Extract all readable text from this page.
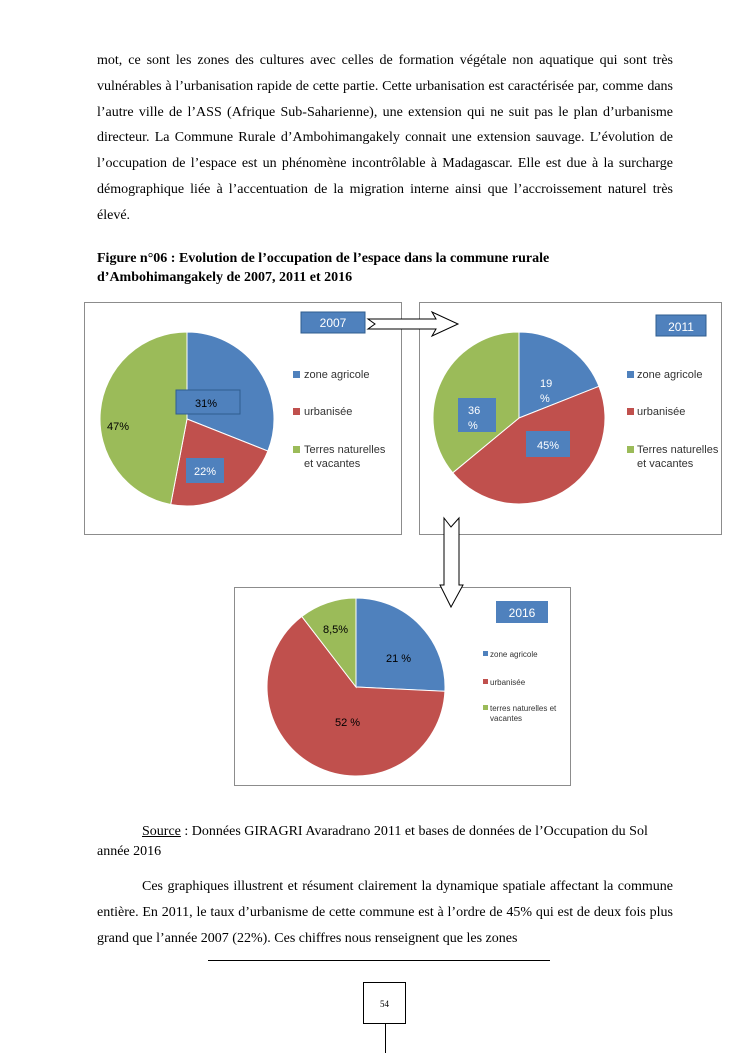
mot, ce sont les zones des cultures avec celles de formation végétale non aquatique qui sont très vulnérables à l’urbanisation rapide de cette partie. Cette urbanisation est caractérisée par, comme dans l’autre ville de l’ASS (Afrique Sub-Saharienne), une extension qui ne suit pas le plan d’urbanisme directeur. La Commune Rurale d’Ambohimangakely connait une extension sauvage. L’évolution de l’occupation de l’espace est un phénomène incontrôlable à Madagascar. Elle est due à la surcharge démographique liée à l’accentuation de la migration interne ainsi que l’accroissement naturel très élevé.

Figure n°06 : Evolution de l’occupation de l’espace dans la commune rurale
d’Ambohimangakely de 2007, 2011 et 2016
2007
31%
22%
47%
zone agricole
urbanisée
Terres naturelles et vacantes
2011
19 %
45%
36 %
zone agricole
urbanisée
Terres naturelles et vacantes
2016
21 %
52 %
8,5%
zone agricole
urbanisée
terres naturelles et vacantes
Source : Données GIRAGRI Avaradrano 2011 et bases de données de l’Occupation du Sol année 2016

Ces graphiques illustrent et résument clairement la dynamique spatiale affectant la commune entière. En 2011, le taux d’urbanisme de cette commune est à l’ordre de 45% qui est de deux fois plus grand que l’année 2007 (22%). Ces chiffres nous renseignent que les zones

54
